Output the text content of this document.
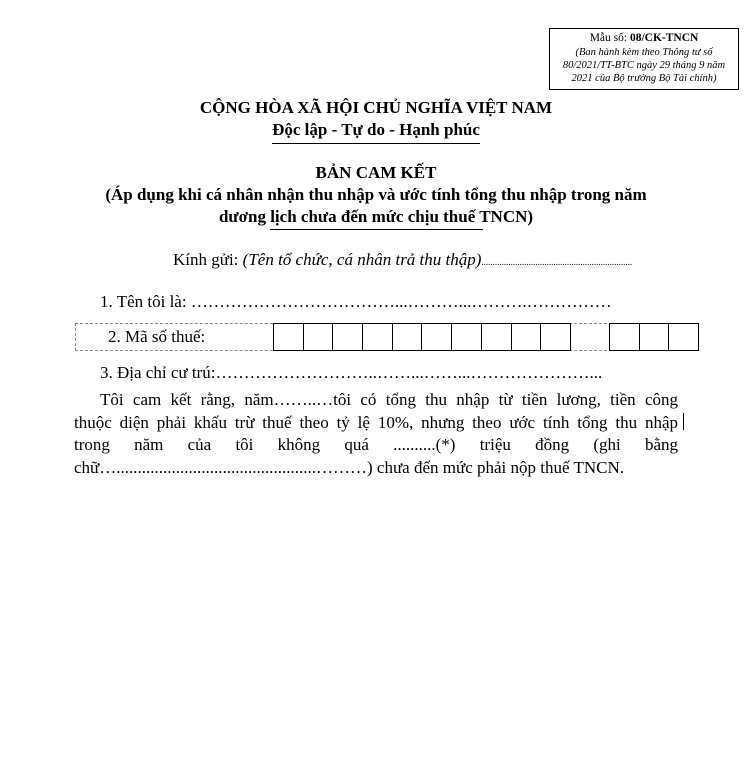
Mẫu số: 08/CK-TNCN
(Ban hành kèm theo Thông tư số
80/2021/TT-BTC ngày 29 tháng 9 năm
2021 của Bộ trưởng Bộ Tài chính)
CỘNG HÒA XÃ HỘI CHỦ NGHĨA VIỆT NAM
Độc lập - Tự do - Hạnh phúc
BẢN CAM KẾT
(Áp dụng khi cá nhân nhận thu nhập và ước tính tổng thu nhập trong năm
dương lịch chưa đến mức chịu thuế TNCN)
Kính gửi: (Tên tổ chức, cá nhân trả thu thập)...................................................................
1. Tên tôi là: ………………………………...………...……….……………
2. Mã số thuế:
3. Địa chỉ cư trú:………………………..……...……...…………………...
Tôi cam kết rằng, năm……..…tôi có tổng thu nhập từ tiền lương, tiền công
thuộc diện phải khấu trừ thuế theo tỷ lệ 10%, nhưng theo ước tính tổng thu nhập
trong năm của tôi không quá ..........(*) triệu đồng (ghi bằng
chữ…...............................................………) chưa đến mức phải nộp thuế TNCN.
